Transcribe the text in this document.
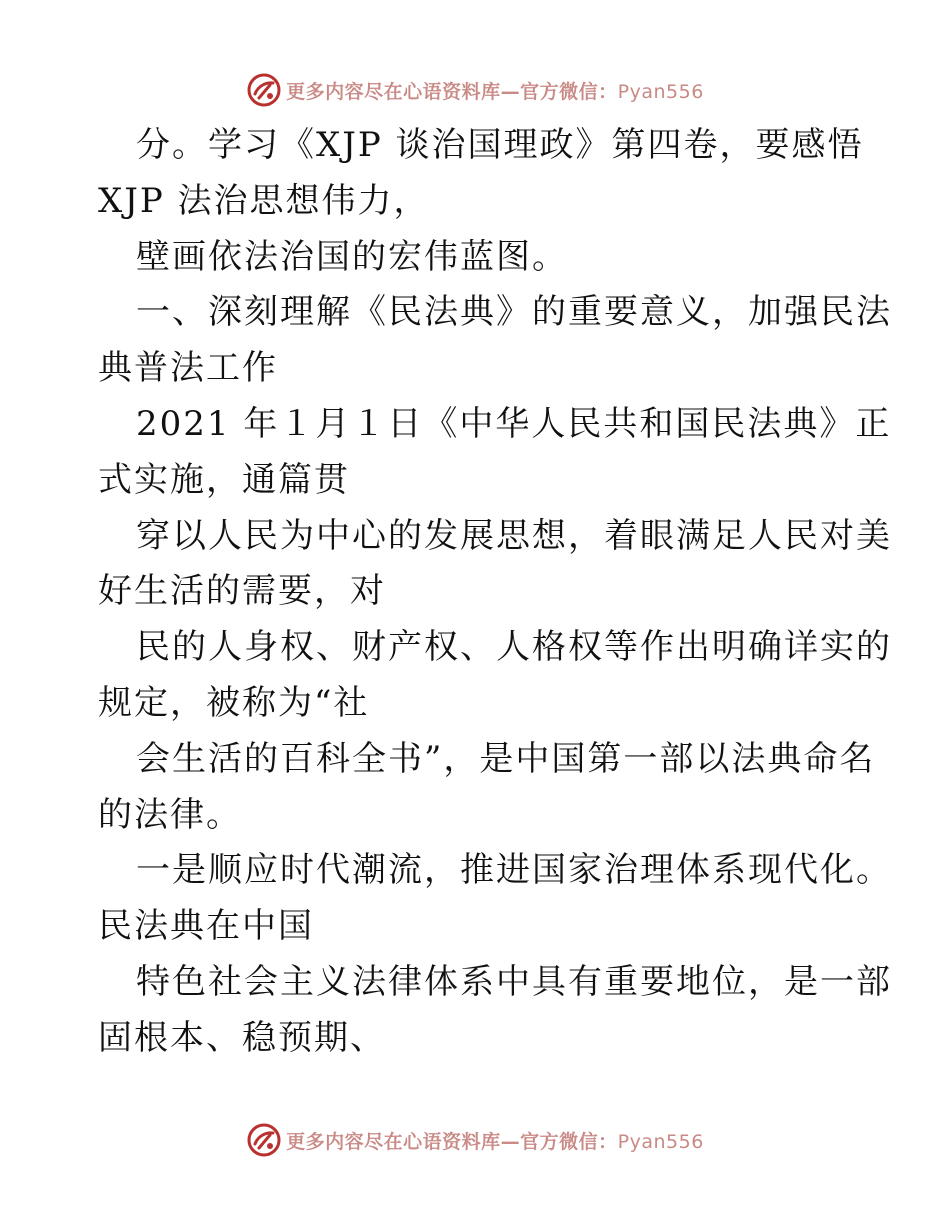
更多内容尽在心语资料库—官方微信：Pyan556

分。学习《XJP 谈治国理政》第四卷，要感悟

XJP 法治思想伟力，

壁画依法治国的宏伟蓝图。

一、深刻理解《民法典》的重要意义，加强民法

典普法工作

2021 年１月１日《中华人民共和国民法典》正

式实施，通篇贯

穿以人民为中心的发展思想，着眼满足人民对美

好生活的需要，对

民的人身权、财产权、人格权等作出明确详实的

规定，被称为“社

会生活的百科全书”，是中国第一部以法典命名

的法律。

一是顺应时代潮流，推进国家治理体系现代化。

民法典在中国

特色社会主义法律体系中具有重要地位，是一部

固根本、稳预期、

更多内容尽在心语资料库—官方微信：Pyan556
